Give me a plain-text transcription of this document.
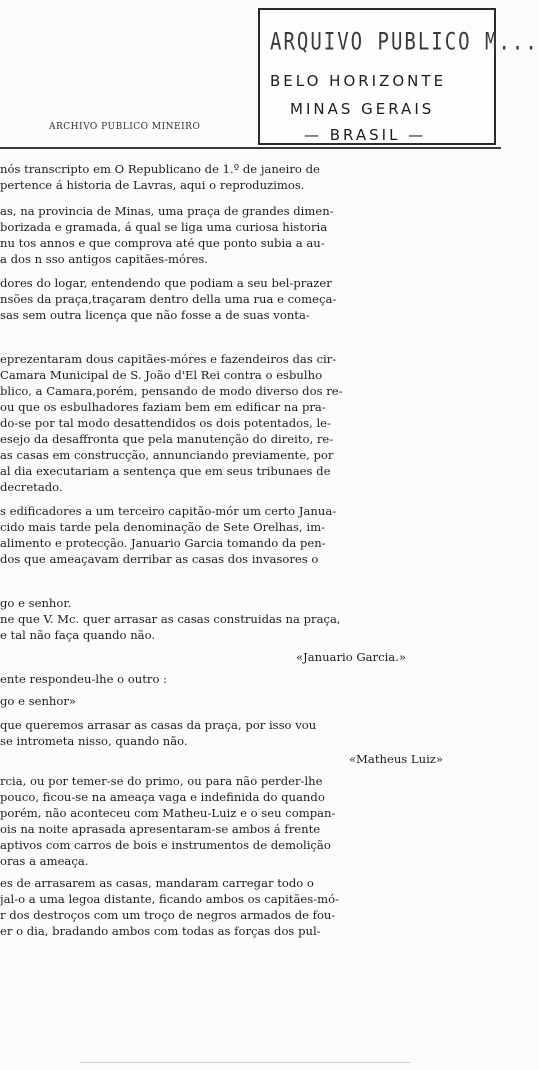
ARQUIVO PUBLICO M...
BELO HORIZONTE
MINAS GERAIS
— BRASIL —
ARCHIVO PUBLICO MINEIRO
nós transcripto em O Republicano de 1.º de janeiro de
pertence á historia de Lavras, aqui o reproduzimos.
as, na provincia de Minas, uma praça de grandes dimen-
borizada e gramada, á qual se liga uma curiosa historia
nu tos annos e que comprova até que ponto subia a au-
a dos n sso antigos capitães-móres.
dores do logar, entendendo que podiam a seu bel-prazer
nsões da praça,traçaram dentro della uma rua e começa-
sas sem outra licença que não fosse a de suas vonta-
eprezentaram dous capitães-móres e fazendeiros das cir-
Camara Municipal de S. João d'El Rei contra o esbulho
blico, a Camara,porém, pensando de modo diverso dos re-
ou que os esbulhadores faziam bem em edificar na pra-
do-se por tal modo desattendidos os dois potentados, le-
esejo da desaffronta que pela manutenção do direito, re-
as casas em construcção, annunciando previamente, por
al dia executariam a sentença que em seus tribunaes de
decretado.
s edificadores a um terceiro capitão-mór um certo Janua-
cido mais tarde pela denominação de Sete Orelhas, im-
alimento e protecção. Januario Garcia tomando da pen-
dos que ameaçavam derribar as casas dos invasores o
go e senhor.
ne que V. Mc. quer arrasar as casas construidas na praça,
e tal não faça quando não.
«Januario Garcia.»
ente respondeu-lhe o outro :
go e senhor»
que queremos arrasar as casas da praça, por isso vou
se intrometa nisso, quando não.
«Matheus Luiz»
rcia, ou por temer-se do primo, ou para não perder-lhe
pouco, ficou-se na ameaça vaga e indefinida do quando
porém, não aconteceu com Matheu-Luiz e o seu compan-
ois na noite aprasada apresentaram-se ambos á frente
aptivos com carros de bois e instrumentos de demolição
oras a ameaça.
es de arrasarem as casas, mandaram carregar todo o
jal-o a uma legoa distante, ficando ambos os capitães-mó-
r dos destroços com um troço de negros armados de fou-
er o dia, bradando ambos com todas as forças dos pul-
